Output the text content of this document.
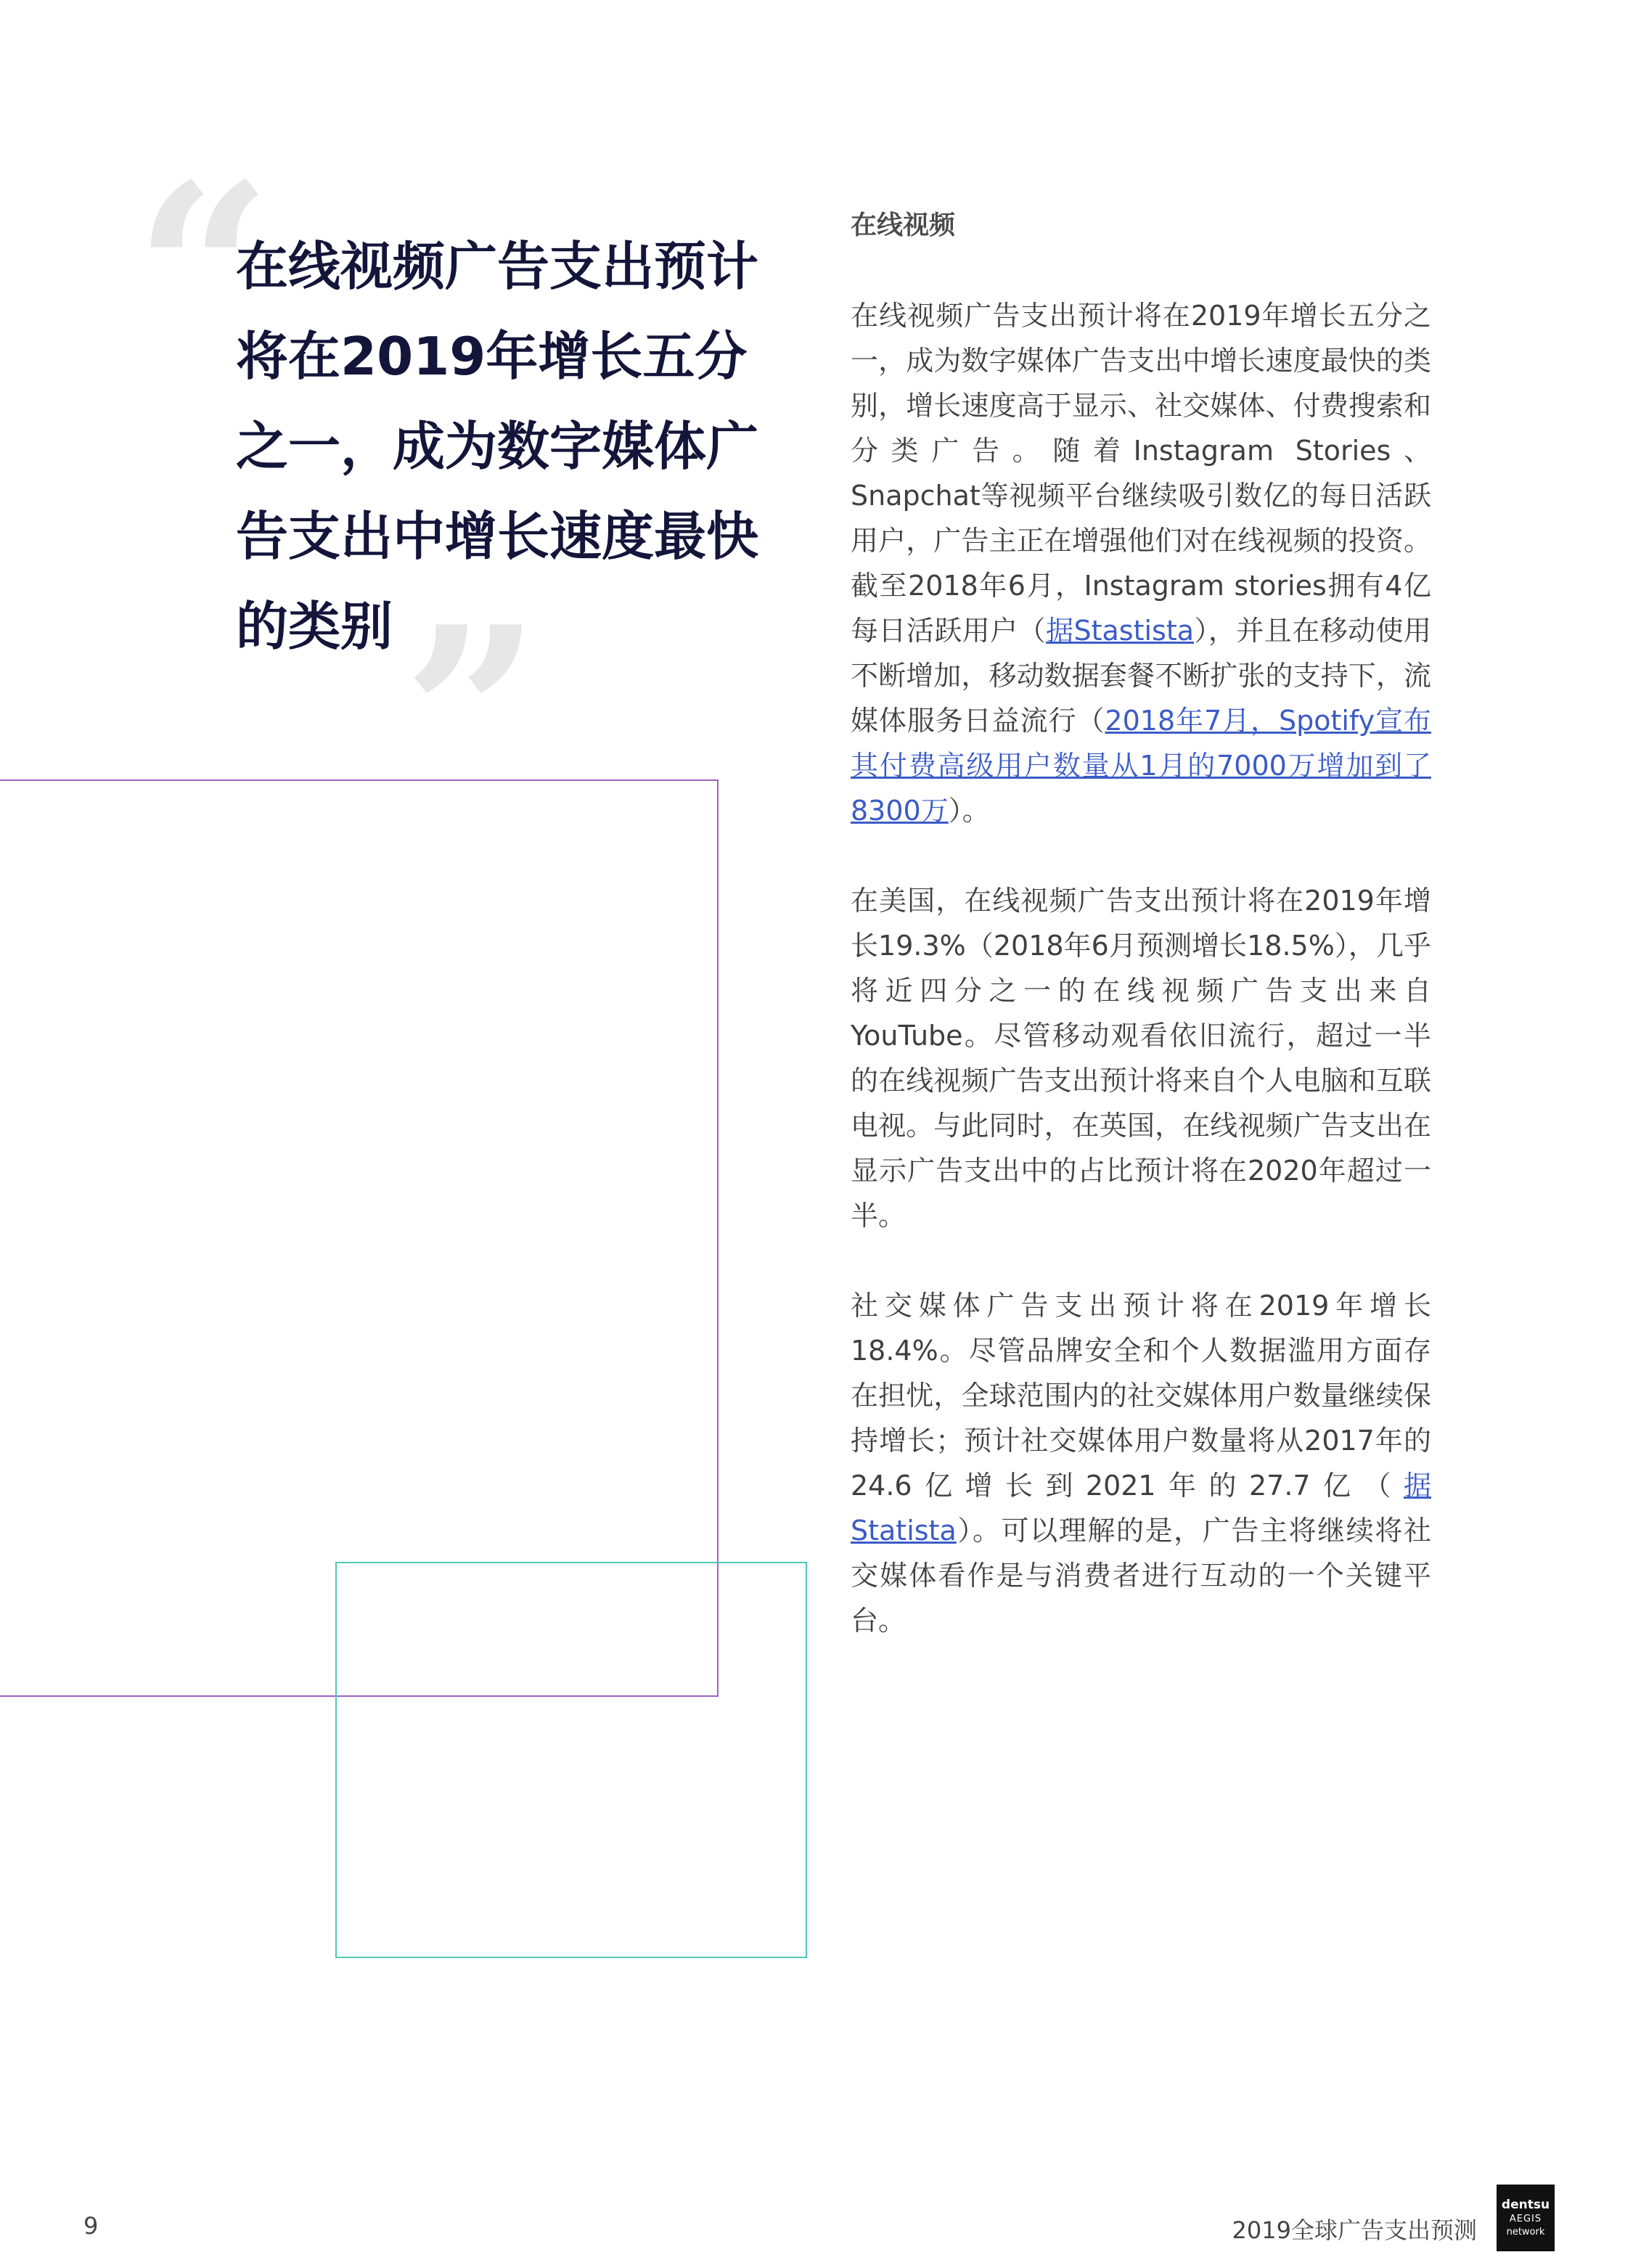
“
”
在线视频广告支出预计
将在2019年增长五分
之一，成为数字媒体广
告支出中增长速度最快
的类别
在线视频

在线视频广告支出预计将在2019年增长五分之一，成为数字媒体广告支出中增长速度最快的类别，增长速度高于显示、社交媒体、付费搜索和分类广告。随着Instagram Stories、Snapchat等视频平台继续吸引数亿的每日活跃用户，广告主正在增强他们对在线视频的投资。截至2018年6月，Instagram stories拥有4亿每日活跃用户（据Stastista），并且在移动使用不断增加，移动数据套餐不断扩张的支持下，流媒体服务日益流行（2018年7月，Spotify宣布其付费高级用户数量从1月的7000万增加到了8300万）。

在美国，在线视频广告支出预计将在2019年增长19.3%（2018年6月预测增长18.5%），几乎将近四分之一的在线视频广告支出来自YouTube。尽管移动观看依旧流行，超过一半的在线视频广告支出预计将来自个人电脑和互联电视。与此同时，在英国，在线视频广告支出在显示广告支出中的占比预计将在2020年超过一半。

社交媒体广告支出预计将在2019年增长18.4%。尽管品牌安全和个人数据滥用方面存在担忧，全球范围内的社交媒体用户数量继续保持增长；预计社交媒体用户数量将从2017年的24.6亿增长到2021年的27.7亿（据Statista）。可以理解的是，广告主将继续将社交媒体看作是与消费者进行互动的一个关键平台。

9	2019全球广告支出预测
dentsu
AEGIS
network
